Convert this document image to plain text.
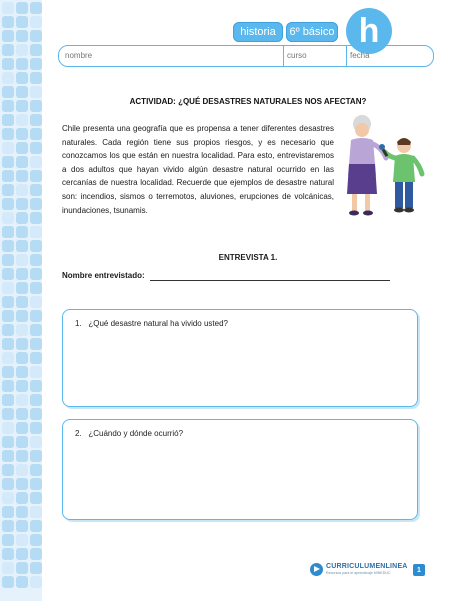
historia 6º básico h
nombre	curso	fecha
ACTIVIDAD: ¿QUÉ DESASTRES NATURALES NOS AFECTAN?
Chile presenta una geografía que es propensa a tener diferentes desastres naturales. Cada región tiene sus propios riesgos, y es necesario que conozcamos los que están en nuestra localidad. Para esto, entrevistaremos a dos adultos que hayan vivido algún desastre natural ocurrido en las cercanías de nuestra localidad. Recuerde que ejemplos de desastre natural son: incendios, sismos o terremotos, aluviones, erupciones de volcánicas, inundaciones, tsunamis.
ENTREVISTA 1.
Nombre entrevistado:
1. ¿Qué desastre natural ha vivido usted?
2. ¿Cuándo y dónde ocurrió?
CURRICULUMENLINEA
Recursos para el aprendizaje MINEDUC	1
